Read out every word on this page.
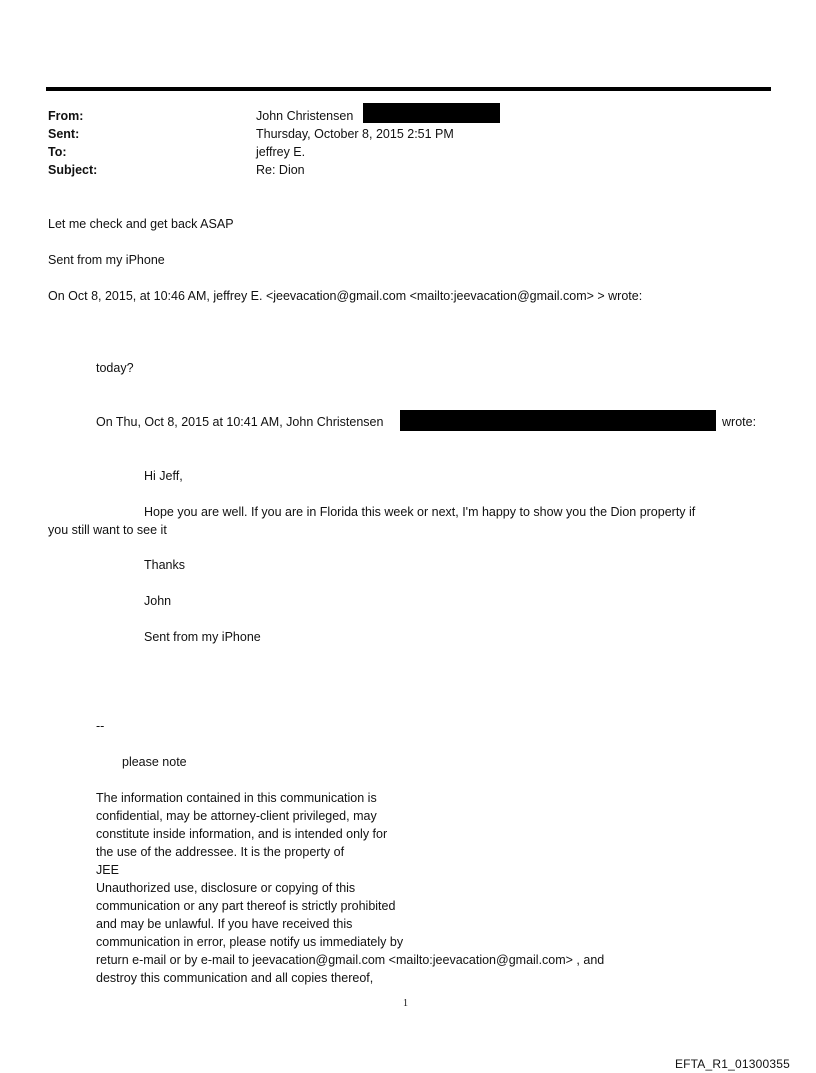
From:	John Christensen
Sent:	Thursday, October 8, 2015 2:51 PM
To:	jeffrey E.
Subject:	Re: Dion
Let me check and get back ASAP
Sent from my iPhone
On Oct 8, 2015, at 10:46 AM, jeffrey E. <jeevacation@gmail.com <mailto:jeevacation@gmail.com> > wrote:
today?
On Thu, Oct 8, 2015 at 10:41 AM, John Christensen	wrote:
Hi Jeff,
Hope you are well. If you are in Florida this week or next, I'm happy to show you the Dion property if
you still want to see it
Thanks
John
Sent from my iPhone
--
please note
The information contained in this communication is
confidential, may be attorney-client privileged, may
constitute inside information, and is intended only for
the use of the addressee. It is the property of
JEE
Unauthorized use, disclosure or copying of this
communication or any part thereof is strictly prohibited
and may be unlawful. If you have received this
communication in error, please notify us immediately by
return e-mail or by e-mail to jeevacation@gmail.com <mailto:jeevacation@gmail.com> , and
destroy this communication and all copies thereof,
1
EFTA_R1_01300355
